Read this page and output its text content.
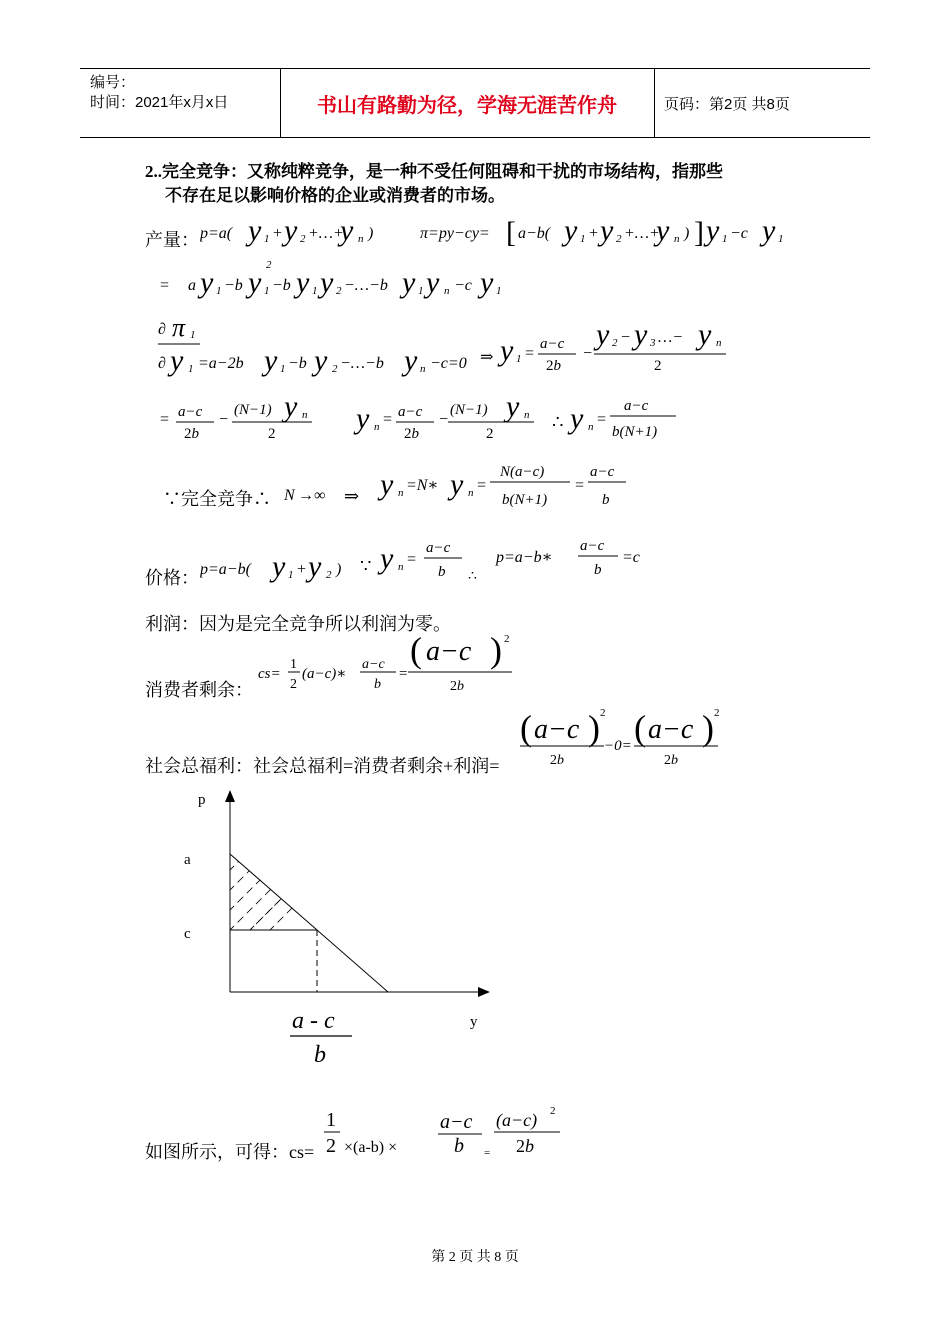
编号：
时间：2021年x月x日	书山有路勤为径，学海无涯苦作舟	页码：第2页 共8页
2..完全竞争：又称纯粹竞争，是一种不受任何阻碍和干扰的市场结构，指那些
不存在足以影响价格的企业或消费者的市场。
产量： p=a( y 1 + y 2 +…+
y n )	π=py−cy= [ a−b( y 1 + y 2 +…+
y n ) ] y 1 −c y 1
= a y 1 −b y
2
1 −b y 1 y 2 −…−b y 1 y n −c y 1
∂ π 1
∂ y 1 =a−2b y 1 −b y 2 −…−b y n −c=0 ⇒ y 1 =
a−c
2b
−
y 2 − y 3 …− y n
2
= a−c
2b
−
(N−1) y n
2	y n = a−c
2b
−
(N−1) y n
2
∴ y n =
a−c
b(N+1)
∵完全竞争∴ N →∞ ⇒ y n =N∗ y n =
N(a−c)
b(N+1)
=
a−c
b
价格： p=a−b( y 1 + y 2 ) ∵ y n =
a−c
b ∴
p=a−b∗
a−c
b
=c
利润：因为是完全竞争所以利润为零。
消费者剩余：
cs=
1
2
(a−c)∗
a−c
b
=
( a−c ) 2
2b
社会总福利：社会总福利=消费者剩余+利润=
( a−c ) 2
2b
−0= ( a−c ) 2
2b
p
a
c
y
a - c
b
如图所示，可得：cs=
1
2 ×(a-b) ×
a−c
b =
(a−c) 2
2b
第 2 页 共 8 页
